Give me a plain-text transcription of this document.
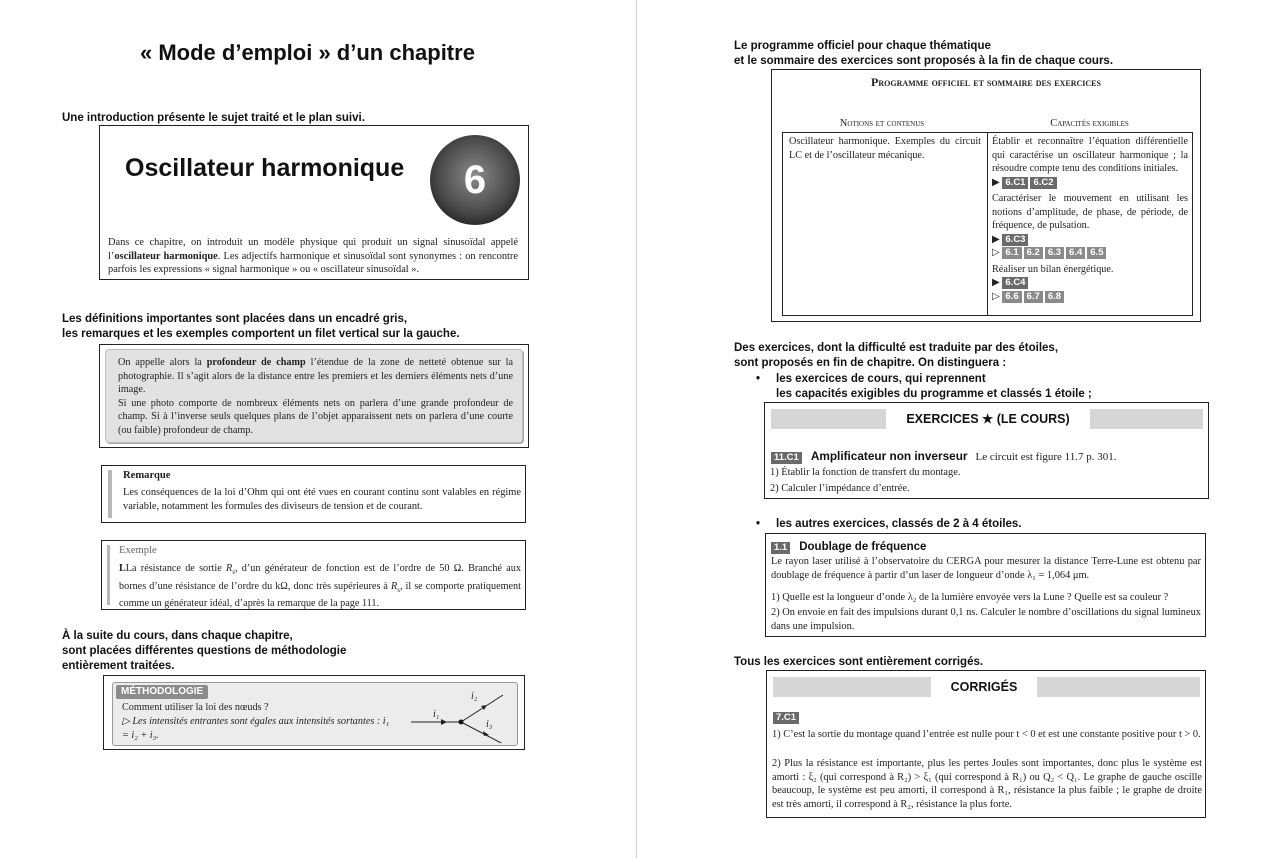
« Mode d’emploi » d’un chapitre
Une introduction présente le sujet traité et le plan suivi.
Oscillateur harmonique 6
Dans ce chapitre, on introduit un modèle physique qui produit un signal sinusoïdal appelé l’oscillateur harmonique. Les adjectifs harmonique et sinusoïdal sont synonymes : on rencontre parfois les expressions « signal harmonique » ou « oscillateur sinusoïdal ».
Les définitions importantes sont placées dans un encadré gris,
les remarques et les exemples comportent un filet vertical sur la gauche.
On appelle alors la profondeur de champ l’étendue de la zone de netteté obtenue sur la photographie. Il s’agit alors de la distance entre les premiers et les derniers éléments nets d’une image.
Si une photo comporte de nombreux éléments nets on parlera d’une grande profondeur de champ. Si à l’inverse seuls quelques plans de l’objet apparaissent nets on parlera d’une courte (ou faible) profondeur de champ.
Remarque
Les conséquences de la loi d’Ohm qui ont été vues en courant continu sont valables en régime variable, notamment les formules des diviseurs de tension et de courant.
Exemple
LLa résistance de sortie $R_s$, d’un générateur de fonction est de l’ordre de 50 Ω. Branché aux bornes d’une résistance de l’ordre du kΩ, donc très supérieures à $R_s$, il se comporte pratiquement comme un générateur idéal, d’après la remarque de la page 111.
À la suite du cours, dans chaque chapitre,
sont placées différentes questions de méthodologie
entièrement traitées.
MÉTHODOLOGIE
Comment utiliser la loi des nœuds ?
▷ Les intensités entrantes sont égales aux intensités sortantes : i₁ = i₂ + i₃.
i₁
i₂
i₃
Le programme officiel pour chaque thématique
et le sommaire des exercices sont proposés à la fin de chaque cours.
Programme officiel et sommaire des exercices
Notions et contenus	Capacités exigibles
Oscillateur harmonique. Exemples du circuit LC et de l’oscillateur mécanique.
Établir et reconnaître l’équation différentielle qui caractérise un oscillateur harmonique ; la résoudre compte tenu des conditions initiales.
▶ 6.C1 6.C2
Caractériser le mouvement en utilisant les notions d’amplitude, de phase, de période, de fréquence, de pulsation.
▶ 6.C3
▷ 6.1 6.2 6.3 6.4 6.5
Réaliser un bilan énergétique.
▶ 6.C4
▷ 6.6 6.7 6.8
Des exercices, dont la difficulté est traduite par des étoiles,
sont proposés en fin de chapitre. On distinguera :
• les exercices de cours, qui reprennent
les capacités exigibles du programme et classés 1 étoile ;
EXERCICES ★ (LE COURS)
11.C1 Amplificateur non inverseur Le circuit est figure 11.7 p. 301.
1) Établir la fonction de transfert du montage.
2) Calculer l’impédance d’entrée.
• les autres exercices, classés de 2 à 4 étoiles.
1.1 Doublage de fréquence
Le rayon laser utilisé à l’observatoire du CERGA pour mesurer la distance Terre-Lune est obtenu par doublage de fréquence à partir d’un laser de longueur d’onde λ₁ = 1,064 μm.
1) Quelle est la longueur d’onde λ₂ de la lumière envoyée vers la Lune ? Quelle est sa couleur ?
2) On envoie en fait des impulsions durant 0,1 ns. Calculer le nombre d’oscillations du signal lumineux dans une impulsion.
Tous les exercices sont entièrement corrigés.
CORRIGÉS
7.C1
1) C’est la sortie du montage quand l’entrée est nulle pour t < 0 et est une constante positive pour t > 0.
2) Plus la résistance est importante, plus les pertes Joules sont importantes, donc plus le système est amorti : ξ₂ (qui correspond à R₂) > ξ₁ (qui correspond à R₁) ou Q₂ < Q₁. Le graphe de gauche oscille beaucoup, le système est peu amorti, il correspond à R₁, résistance la plus faible ; le graphe de droite est très amorti, il correspond à R₂, résistance la plus forte.
